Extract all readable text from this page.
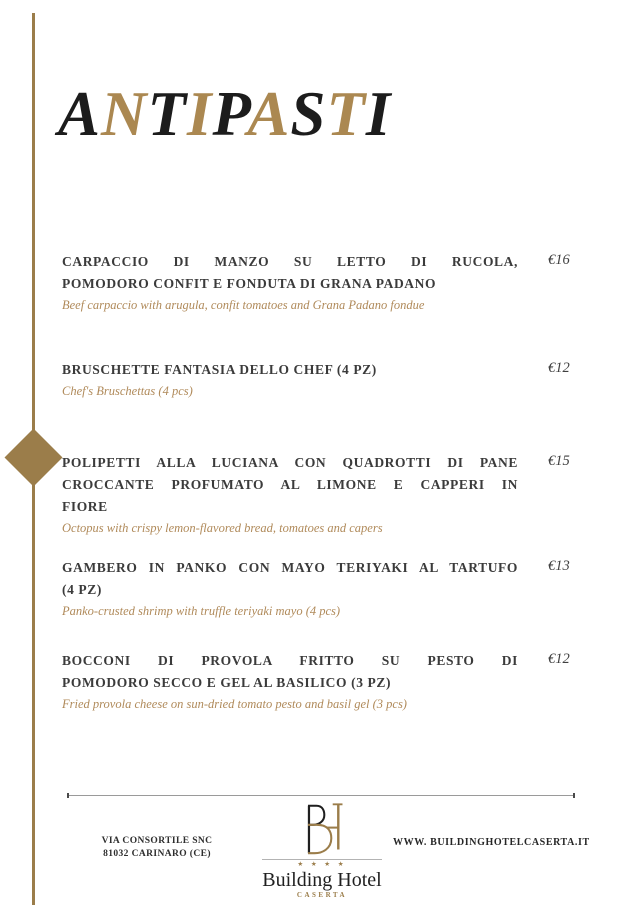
ANTIPASTI
CARPACCIO DI MANZO SU LETTO DI RUCOLA,
POMODORO CONFIT E FONDUTA DI GRANA PADANO
Beef carpaccio with arugula, confit tomatoes and Grana Padano fondue
€16
BRUSCHETTE FANTASIA DELLO CHEF (4 PZ)
Chef's Bruschettas (4 pcs)
€12
POLIPETTI ALLA LUCIANA CON QUADROTTI DI PANE
CROCCANTE PROFUMATO AL LIMONE E CAPPERI IN
FIORE
Octopus with crispy lemon-flavored bread, tomatoes and capers
€15
GAMBERO IN PANKO CON MAYO TERIYAKI AL TARTUFO
(4 PZ)
Panko-crusted shrimp with truffle teriyaki mayo (4 pcs)
€13
BOCCONI DI PROVOLA FRITTO SU PESTO DI
POMODORO SECCO E GEL AL BASILICO (3 PZ)
Fried provola cheese on sun-dried tomato pesto and basil gel (3 pcs)
€12
VIA CONSORTILE SNC
81032 CARINARO (CE)
★ ★ ★ ★
Building Hotel
CASERTA
WWW. BUILDINGHOTELCASERTA.IT
